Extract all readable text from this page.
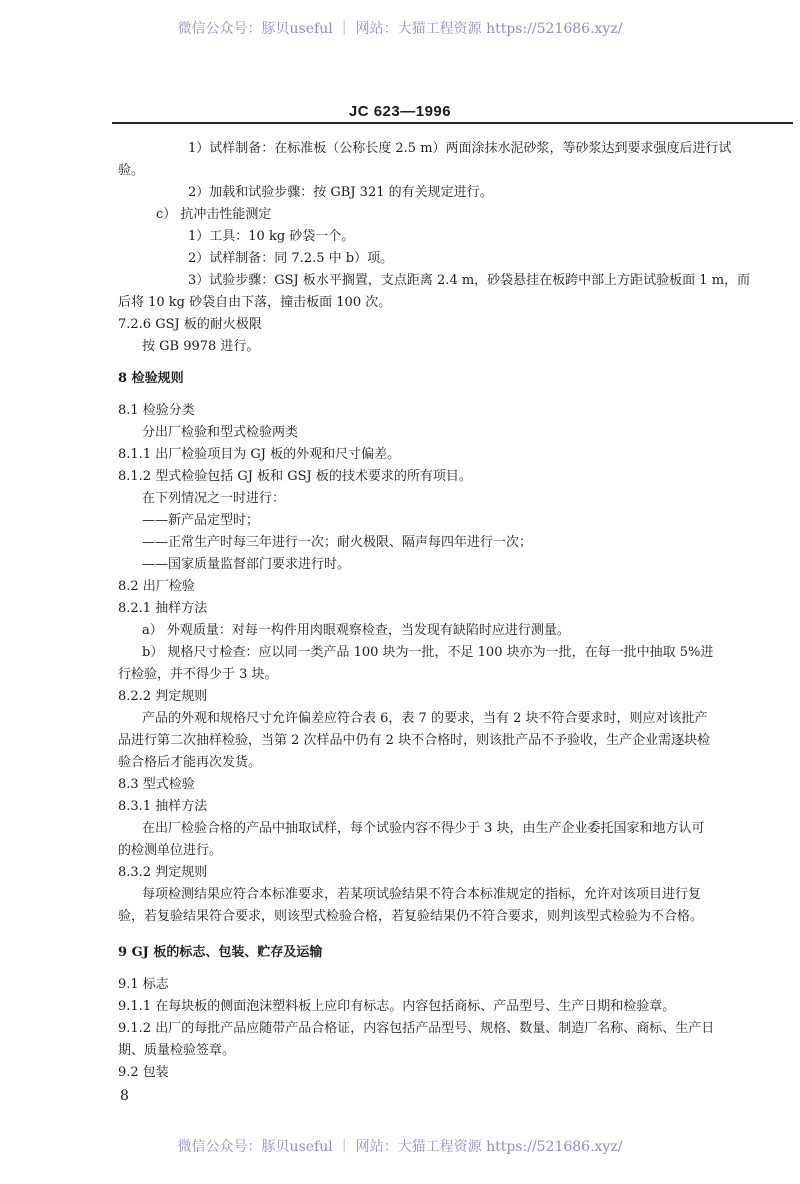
微信公众号：豚贝useful ｜ 网站：大猫工程资源 https://521686.xyz/
JC 623—1996

1）试样制备：在标准板（公称长度 2.5 m）两面涂抹水泥砂浆，等砂浆达到要求强度后进行试

验。

2）加载和试验步骤：按 GBJ 321 的有关规定进行。

c） 抗冲击性能测定

1）工具：10 kg 砂袋一个。

2）试样制备：同 7.2.5 中 b）项。

3）试验步骤：GSJ 板水平搁置，支点距离 2.4 m，砂袋悬挂在板跨中部上方距试验板面 1 m，而

后将 10 kg 砂袋自由下落，撞击板面 100 次。

7.2.6 GSJ 板的耐火极限

按 GB 9978 进行。

8 检验规则

8.1 检验分类

分出厂检验和型式检验两类

8.1.1 出厂检验项目为 GJ 板的外观和尺寸偏差。

8.1.2 型式检验包括 GJ 板和 GSJ 板的技术要求的所有项目。

在下列情况之一时进行：

——新产品定型时；

——正常生产时每三年进行一次；耐火极限、隔声每四年进行一次；

——国家质量监督部门要求进行时。

8.2 出厂检验

8.2.1 抽样方法

a） 外观质量：对每一构件用肉眼观察检查，当发现有缺陷时应进行测量。

b） 规格尺寸检查：应以同一类产品 100 块为一批，不足 100 块亦为一批，在每一批中抽取 5%进

行检验，并不得少于 3 块。

8.2.2 判定规则

产品的外观和规格尺寸允许偏差应符合表 6，表 7 的要求，当有 2 块不符合要求时，则应对该批产

品进行第二次抽样检验，当第 2 次样品中仍有 2 块不合格时，则该批产品不予验收，生产企业需逐块检

验合格后才能再次发货。

8.3 型式检验

8.3.1 抽样方法

在出厂检验合格的产品中抽取试样，每个试验内容不得少于 3 块，由生产企业委托国家和地方认可

的检测单位进行。

8.3.2 判定规则

每项检测结果应符合本标准要求，若某项试验结果不符合本标准规定的指标，允许对该项目进行复

验，若复验结果符合要求，则该型式检验合格，若复验结果仍不符合要求，则判该型式检验为不合格。

9 GJ 板的标志、包装、贮存及运输

9.1 标志

9.1.1 在每块板的侧面泡沫塑料板上应印有标志。内容包括商标、产品型号、生产日期和检验章。

9.1.2 出厂的每批产品应随带产品合格证，内容包括产品型号、规格、数量、制造厂名称、商标、生产日

期、质量检验签章。

9.2 包装

8
微信公众号：豚贝useful ｜ 网站：大猫工程资源 https://521686.xyz/
